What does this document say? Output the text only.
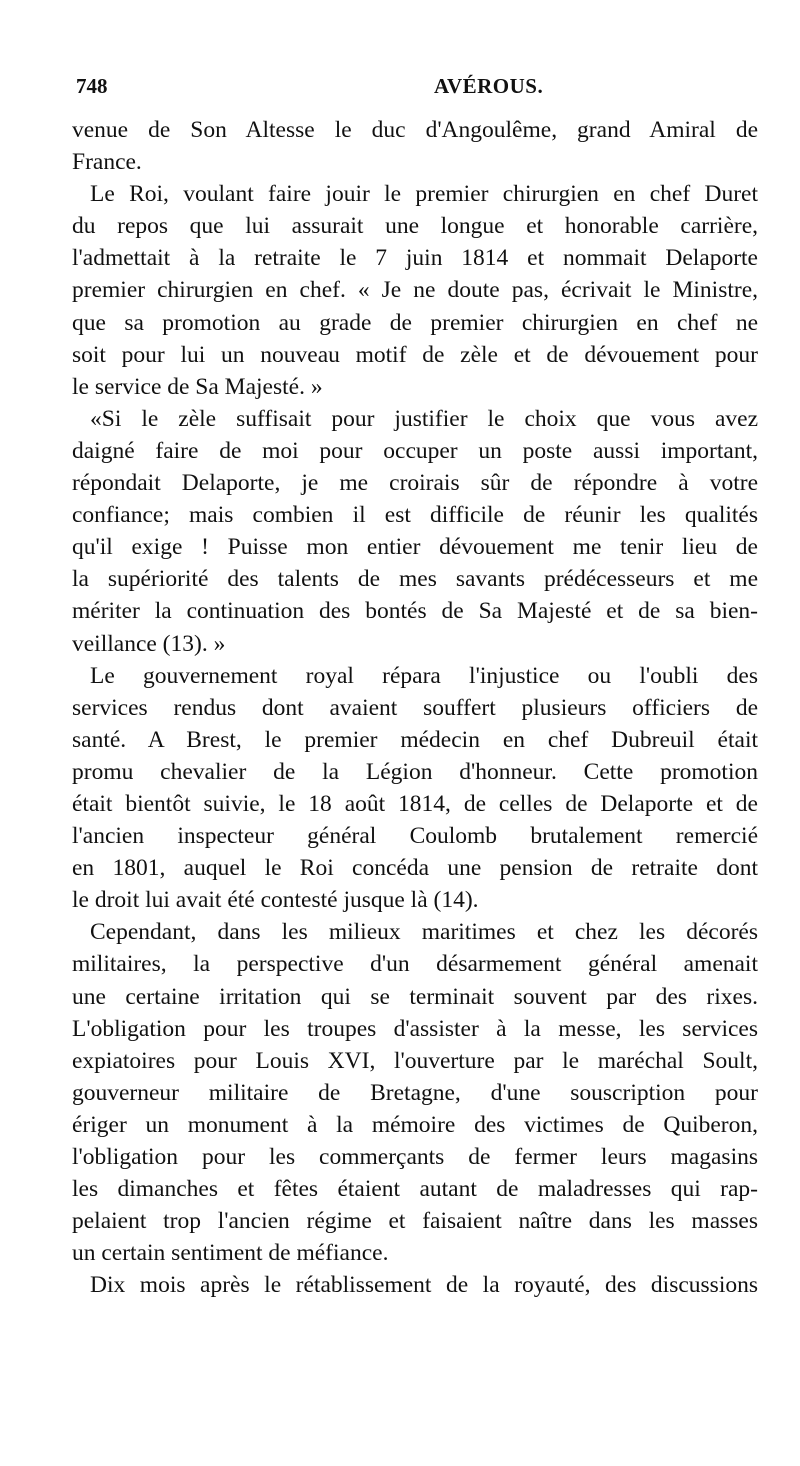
748	AVÉROUS.
venue de Son Altesse le duc d'Angoulême, grand Amiral de
France.
Le Roi, voulant faire jouir le premier chirurgien en chef Duret
du repos que lui assurait une longue et honorable carrière,
l'admettait à la retraite le 7 juin 1814 et nommait Delaporte
premier chirurgien en chef. « Je ne doute pas, écrivait le Ministre,
que sa promotion au grade de premier chirurgien en chef ne
soit pour lui un nouveau motif de zèle et de dévouement pour
le service de Sa Majesté. »
«Si le zèle suffisait pour justifier le choix que vous avez
daigné faire de moi pour occuper un poste aussi important,
répondait Delaporte, je me croirais sûr de répondre à votre
confiance; mais combien il est difficile de réunir les qualités
qu'il exige ! Puisse mon entier dévouement me tenir lieu de
la supériorité des talents de mes savants prédécesseurs et me
mériter la continuation des bontés de Sa Majesté et de sa bien-
veillance (13). »
Le gouvernement royal répara l'injustice ou l'oubli des
services rendus dont avaient souffert plusieurs officiers de
santé. A Brest, le premier médecin en chef Dubreuil était
promu chevalier de la Légion d'honneur. Cette promotion
était bientôt suivie, le 18 août 1814, de celles de Delaporte et de
l'ancien inspecteur général Coulomb brutalement remercié
en 1801, auquel le Roi concéda une pension de retraite dont
le droit lui avait été contesté jusque là (14).
Cependant, dans les milieux maritimes et chez les décorés
militaires, la perspective d'un désarmement général amenait
une certaine irritation qui se terminait souvent par des rixes.
L'obligation pour les troupes d'assister à la messe, les services
expiatoires pour Louis XVI, l'ouverture par le maréchal Soult,
gouverneur militaire de Bretagne, d'une souscription pour
ériger un monument à la mémoire des victimes de Quiberon,
l'obligation pour les commerçants de fermer leurs magasins
les dimanches et fêtes étaient autant de maladresses qui rap-
pelaient trop l'ancien régime et faisaient naître dans les masses
un certain sentiment de méfiance.
Dix mois après le rétablissement de la royauté, des discussions
